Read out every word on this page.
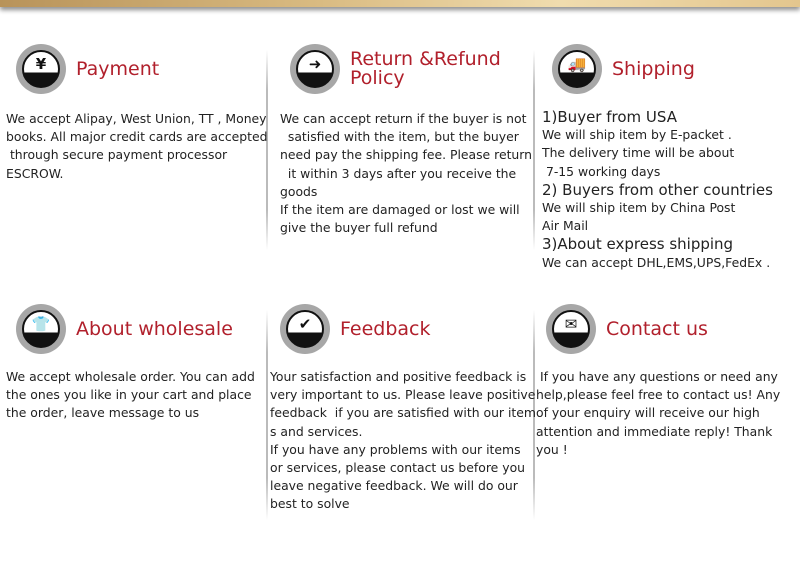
¥	Payment
We accept Alipay, West Union, TT , Money
books. All major credit cards are accepted
through secure payment processor
ESCROW.
➜	Return &Refund
Policy
We can accept return if the buyer is not
satisfied with the item, but the buyer
need pay the shipping fee. Please return
it within 3 days after you receive the
goods
If the item are damaged or lost we will
give the buyer full refund
🚚	Shipping
1)Buyer from USA
We will ship item by E-packet .
The delivery time will be about
7-15 working days
2) Buyers from other countries
We will ship item by China Post
Air Mail
3)About express shipping
We can accept DHL,EMS,UPS,FedEx .
👕	About wholesale
We accept wholesale order. You can add
the ones you like in your cart and place
the order, leave message to us
✔	Feedback
Your satisfaction and positive feedback is
very important to us. Please leave positive
feedback  if you are satisfied with our item
s and services.
If you have any problems with our items
or services, please contact us before you
leave negative feedback. We will do our
best to solve
✉	Contact us
If you have any questions or need any
help,please feel free to contact us! Any
of your enquiry will receive our high
attention and immediate reply! Thank
you !
